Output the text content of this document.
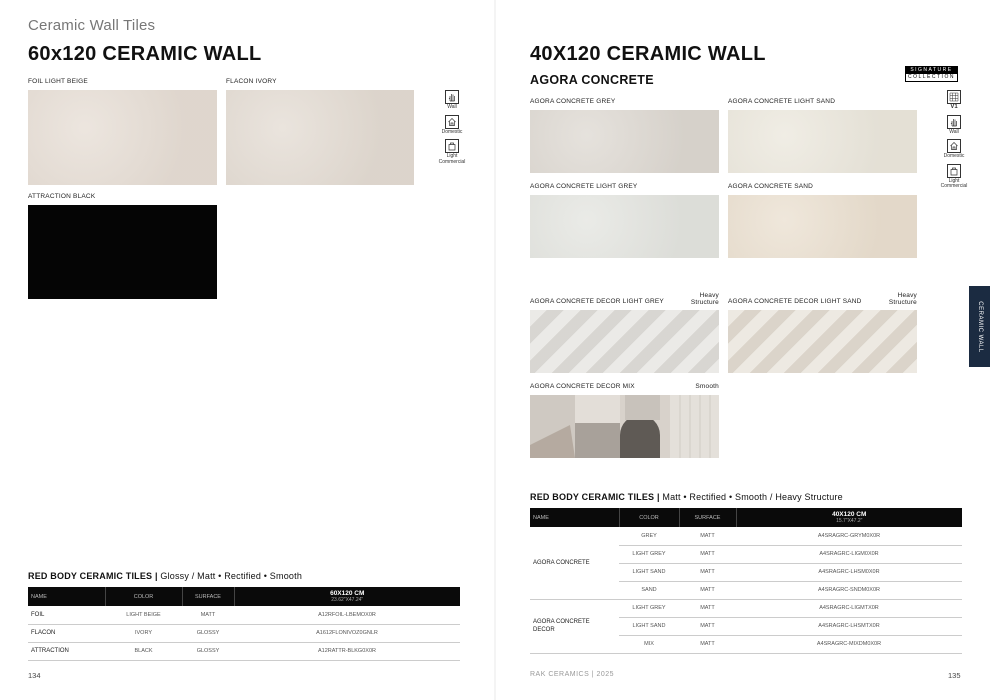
Ceramic Wall Tiles
60x120 CERAMIC WALL
FOIL LIGHT BEIGE	FLACON IVORY
ATTRACTION BLACK
Wall
Domestic
Light Commercial
RED BODY CERAMIC TILES | Glossy / Matt • Rectified • Smooth
NAME	COLOR	SURFACE	60X120 CM
23.62"X47.24"

FOIL	LIGHT BEIGE	MATT	A12RFOIL-LBEMOX0R
FLACON	IVORY	GLOSSY	A1612FLONIVOZ0GNLR
ATTRACTION	BLACK	GLOSSY	A12RATTR-BLKG0X0R
134
40X120 CERAMIC WALL
AGORA CONCRETE
SIGNATURE
COLLECTION
AGORA CONCRETE GREY	AGORA CONCRETE LIGHT SAND
AGORA CONCRETE LIGHT GREY	AGORA CONCRETE SAND
AGORA CONCRETE DECOR LIGHT GREY
Heavy Structure AGORA CONCRETE DECOR LIGHT SAND
Heavy Structure
AGORA CONCRETE DECOR MIX	Smooth
V1
Wall
Domestic
Light Commercial
RED BODY CERAMIC TILES | Matt • Rectified • Smooth / Heavy Structure
NAME	COLOR	SURFACE	40X120 CM
15.7"X47.2"

AGORA CONCRETE	GREY	MATT	A4SRAGRC-GRYM0X0R
	LIGHT GREY	MATT	A4SRAGRC-LIGM0X0R
	LIGHT SAND	MATT	A4SRAGRC-LHSM0X0R
	SAND	MATT	A4SRAGRC-SNDM0X0R
AGORA CONCRETE DECOR	LIGHT GREY	MATT	A4SRAGRC-LIGMTX0R
	LIGHT SAND	MATT	A4SRAGRC-LHSMTX0R
	MIX	MATT	A4SRAGRC-MIXDM0X0R
RAK CERAMICS | 2025	135
CERAMIC WALL
